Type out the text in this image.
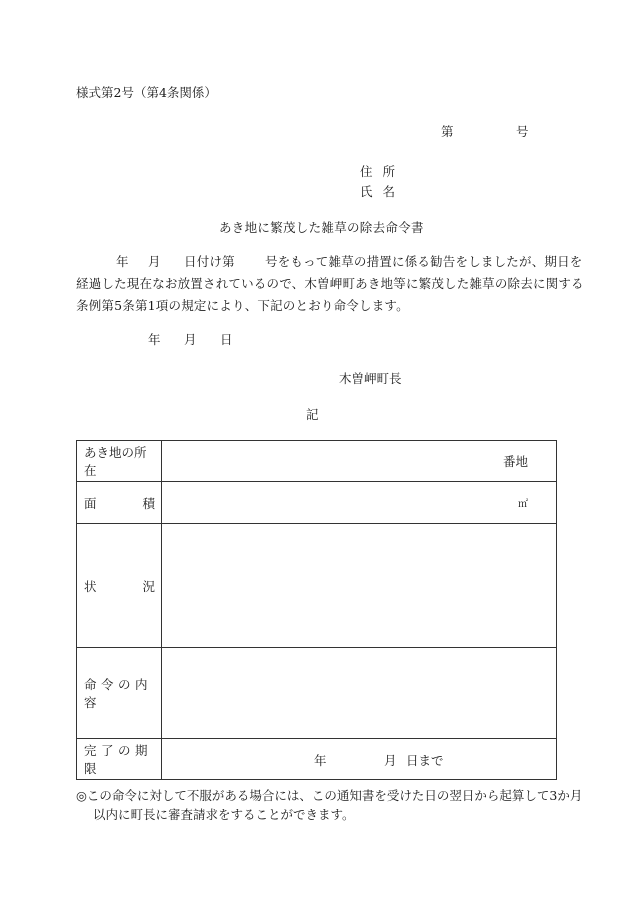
様式第2号（第4条関係）
第	号
住所
氏名
あき地に繁茂した雑草の除去命令書
年 月 日付け第 号をもって雑草の措置に係る勧告をしましたが、期日を
経過した現在なお放置されているので、木曽岬町あき地等に繁茂した雑草の除去に関する
条例第5条第1項の規定により、下記のとおり命令します。
年 月 日
木曽岬町長
記
あき地の所在	番地

面 積	㎡

状 況	

命令の内容	

完了の期限	年 月 日まで
◎この命令に対して不服がある場合には、この通知書を受けた日の翌日から起算して3か月
以内に町長に審査請求をすることができます。
